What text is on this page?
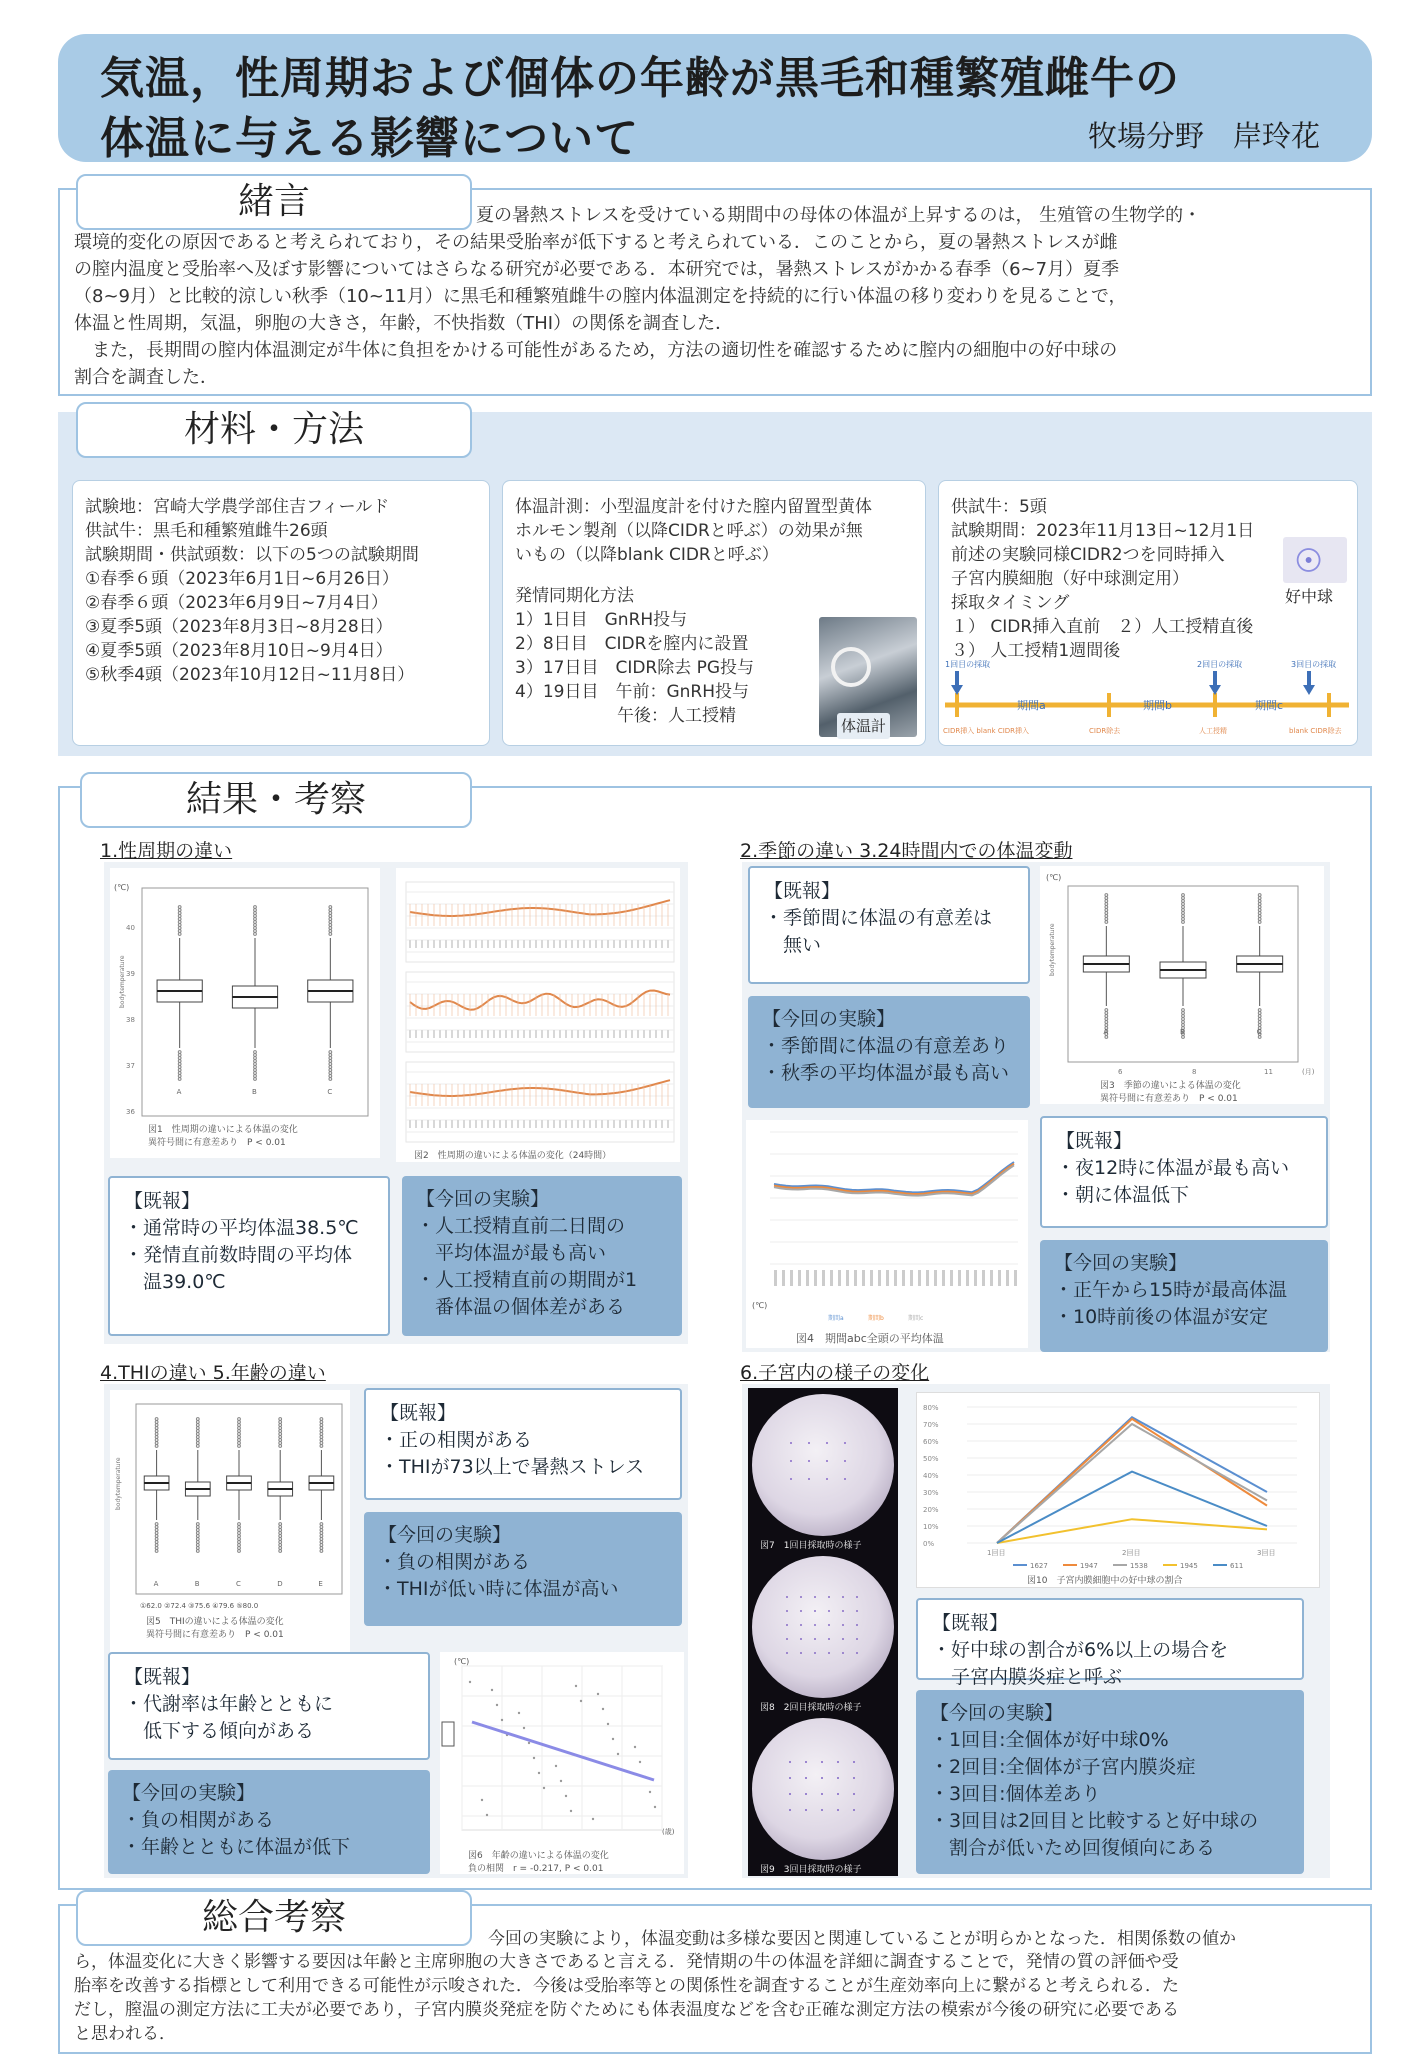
気温，性周期および個体の年齢が黒毛和種繁殖雌牛の
体温に与える影響について	牧場分野　岸玲花
緒言	夏の暑熱ストレスを受けている期間中の母体の体温が上昇するのは， 生殖管の生物学的・
環境的変化の原因であると考えられており，その結果受胎率が低下すると考えられている．このことから，夏の暑熱ストレスが雌
の膣内温度と受胎率へ及ぼす影響についてはさらなる研究が必要である．本研究では，暑熱ストレスがかかる春季（6~7月）夏季
（8~9月）と比較的涼しい秋季（10~11月）に黒毛和種繁殖雌牛の膣内体温測定を持続的に行い体温の移り変わりを見ることで，
体温と性周期，気温，卵胞の大きさ，年齢，不快指数（THI）の関係を調査した．
　また，長期間の膣内体温測定が牛体に負担をかける可能性があるため，方法の適切性を確認するために膣内の細胞中の好中球の
割合を調査した．
材料・方法
試験地：宮崎大学農学部住吉フィールド
供試牛：黒毛和種繁殖雌牛26頭
試験期間・供試頭数：以下の5つの試験期間
①春季６頭（2023年6月1日~6月26日）
②春季６頭（2023年6月9日~7月4日）
③夏季5頭（2023年8月3日~8月28日）
④夏季5頭（2023年8月10日~9月4日）
⑤秋季4頭（2023年10月12日~11月8日）
体温計測：小型温度計を付けた膣内留置型黄体
ホルモン製剤（以降CIDRと呼ぶ）の効果が無
いもの（以降blank CIDRと呼ぶ）
発情同期化方法
1）1日目　GnRH投与
2）8日目　CIDRを膣内に設置
3）17日目　CIDR除去 PG投与
4）19日目　午前：GnRH投与
　　　　　　午後：人工授精	体温計
供試牛：5頭
試験期間：2023年11月13日~12月1日
前述の実験同様CIDR2つを同時挿入
子宮内膜細胞（好中球測定用）
採取タイミング
１） CIDR挿入直前　２）人工授精直後
３） 人工授精1週間後
好中球
1回目の採取	2回目の採取	3回目の採取
期間a	期間b	期間c
CIDR挿入 blank CIDR挿入	CIDR除去	人工授精	blank CIDR除去
結果・考察
1.性周期の違い
(℃)
bodytemperature
A	B	C
40
39
38
37
36
図1　性周期の違いによる体温の変化
異符号間に有意差あり　P < 0.01
図2　性周期の違いによる体温の変化（24時間）
【既報】
・通常時の平均体温38.5℃
・発情直前数時間の平均体
　温39.0℃
【今回の実験】
・人工授精直前二日間の
　平均体温が最も高い
・人工授精直前の期間が1
　番体温の個体差がある
2.季節の違い 3.24時間内での体温変動
【既報】
・季節間に体温の有意差は
　無い
【今回の実験】
・季節間に体温の有意差あり
・秋季の平均体温が最も高い
(℃)
bodytemperature
A	B	C
6	8	11	(月)
図3　季節の違いによる体温の変化
異符号間に有意差あり　P < 0.01
(℃)
期間a	期間b	期間c
図4　期間abc全頭の平均体温
【既報】
・夜12時に体温が最も高い
・朝に体温低下
【今回の実験】
・正午から15時が最高体温
・10時前後の体温が安定
4.THIの違い 5.年齢の違い
bodytemperature
A	B	C	D	E
①62.0 ②72.4 ③75.6 ④79.6 ⑤80.0
図5　THIの違いによる体温の変化
異符号間に有意差あり　P < 0.01
【既報】
・正の相関がある
・THIが73以上で暑熱ストレス
【今回の実験】
・負の相関がある
・THIが低い時に体温が高い
【既報】
・代謝率は年齢とともに
　低下する傾向がある
【今回の実験】
・負の相関がある
・年齢とともに体温が低下
(℃)
(歳)
図6　年齢の違いによる体温の変化
負の相関　r = -0.217, P < 0.01
6.子宮内の様子の変化
図7　1回目採取時の様子
図8　2回目採取時の様子
図9　3回目採取時の様子
80%
70%
60%
50%
40%
30%
20%
10%
0%
1回目	2回目	3回目
1627	1947	1538	1945	611
図10　子宮内膜細胞中の好中球の割合
【既報】
・好中球の割合が6%以上の場合を
　子宮内膜炎症と呼ぶ
【今回の実験】
・1回目:全個体が好中球0%
・2回目:全個体が子宮内膜炎症
・3回目:個体差あり
・3回目は2回目と比較すると好中球の
　割合が低いため回復傾向にある
総合考察
今回の実験により，体温変動は多様な要因と関連していることが明らかとなった．相関係数の値か
ら，体温変化に大きく影響する要因は年齢と主席卵胞の大きさであると言える．発情期の牛の体温を詳細に調査することで，発情の質の評価や受
胎率を改善する指標として利用できる可能性が示唆された．今後は受胎率等との関係性を調査することが生産効率向上に繋がると考えられる．た
だし，膣温の測定方法に工夫が必要であり，子宮内膜炎発症を防ぐためにも体表温度などを含む正確な測定方法の模索が今後の研究に必要である
と思われる．
